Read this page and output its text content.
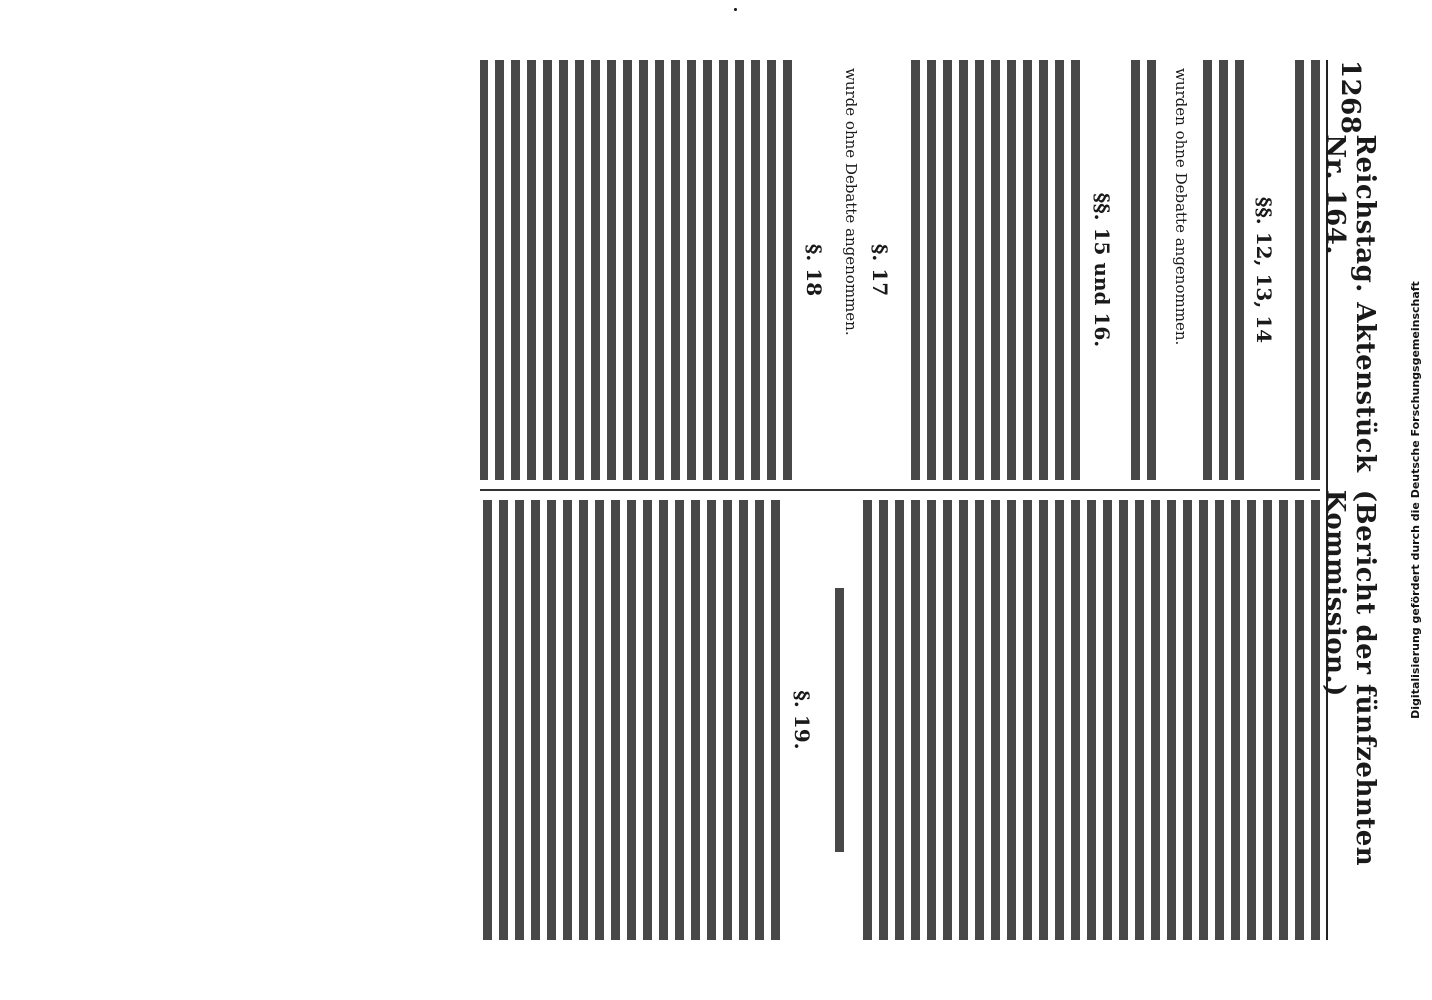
1268
Reichstag. Aktenstück Nr. 164.
(Bericht der fünfzehnten Kommission.)
§§. 12, 13, 14
wurden ohne Debatte angenommen.
§§. 15 und 16.
§. 17
wurde ohne Debatte angenommen.
§. 18
§. 19.
Digitalisierung gefördert durch die Deutsche Forschungsgemeinschaft
